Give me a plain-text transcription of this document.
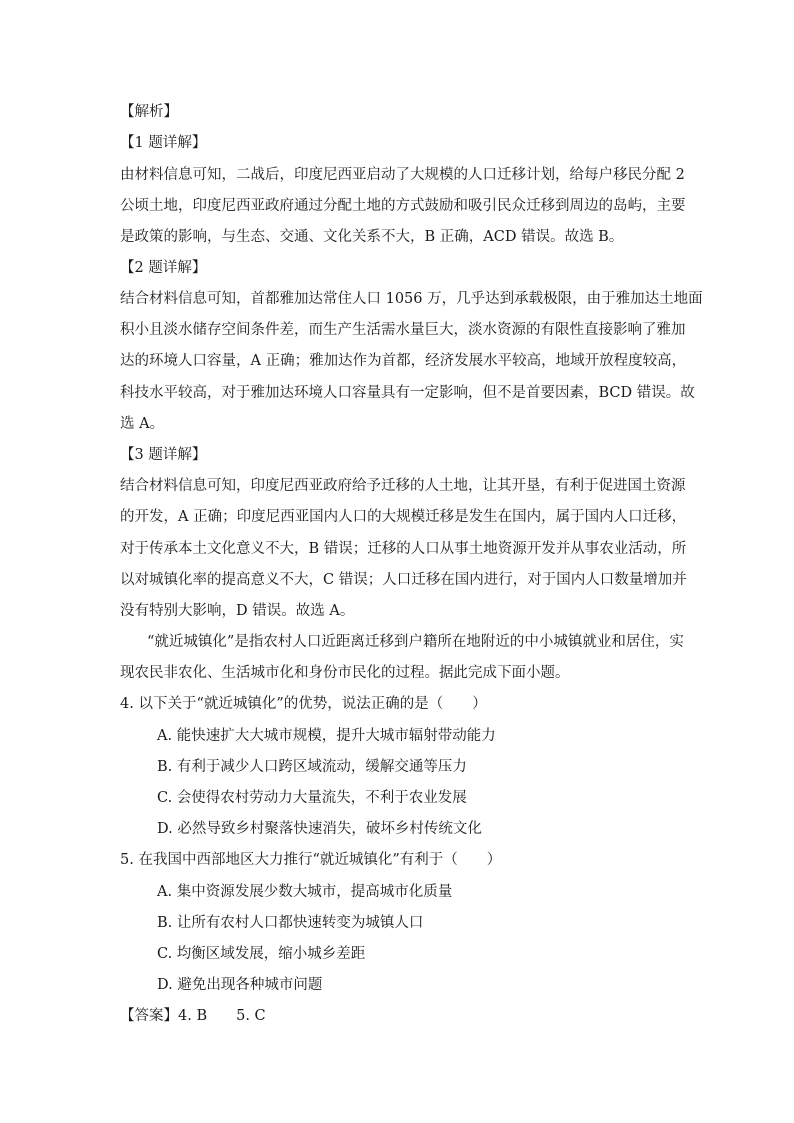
【解析】
【1 题详解】
由材料信息可知，二战后，印度尼西亚启动了大规模的人口迁移计划，给每户移民分配 2
公顷土地，印度尼西亚政府通过分配土地的方式鼓励和吸引民众迁移到周边的岛屿，主要
是政策的影响，与生态、交通、文化关系不大，B 正确，ACD 错误。故选 B。
【2 题详解】
结合材料信息可知，首都雅加达常住人口 1056 万，几乎达到承载极限，由于雅加达土地面
积小且淡水储存空间条件差，而生产生活需水量巨大，淡水资源的有限性直接影响了雅加
达的环境人口容量，A 正确；雅加达作为首都，经济发展水平较高，地域开放程度较高，
科技水平较高，对于雅加达环境人口容量具有一定影响，但不是首要因素，BCD 错误。故
选 A。
【3 题详解】
结合材料信息可知，印度尼西亚政府给予迁移的人土地，让其开垦，有利于促进国土资源
的开发，A 正确；印度尼西亚国内人口的大规模迁移是发生在国内，属于国内人口迁移，
对于传承本土文化意义不大，B 错误；迁移的人口从事土地资源开发并从事农业活动，所
以对城镇化率的提高意义不大，C 错误；人口迁移在国内进行，对于国内人口数量增加并
没有特别大影响，D 错误。故选 A。
“就近城镇化”是指农村人口近距离迁移到户籍所在地附近的中小城镇就业和居住，实
现农民非农化、生活城市化和身份市民化的过程。据此完成下面小题。
4. 以下关于“就近城镇化”的优势，说法正确的是（　　）
A. 能快速扩大大城市规模，提升大城市辐射带动能力
B. 有利于减少人口跨区域流动，缓解交通等压力
C. 会使得农村劳动力大量流失，不利于农业发展
D. 必然导致乡村聚落快速消失，破坏乡村传统文化
5. 在我国中西部地区大力推行“就近城镇化”有利于（　　）
A. 集中资源发展少数大城市，提高城市化质量
B. 让所有农村人口都快速转变为城镇人口
C. 均衡区域发展，缩小城乡差距
D. 避免出现各种城市问题
【答案】4. B　　5. C
